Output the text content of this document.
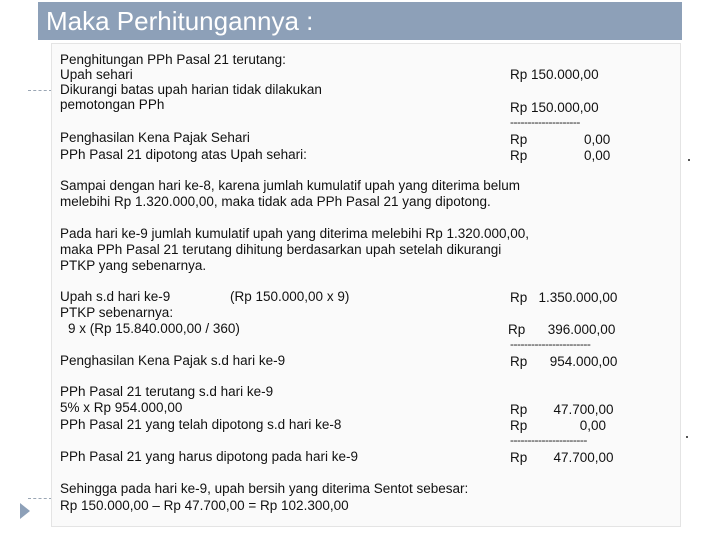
Maka Perhitungannya :
Penghitungan PPh Pasal 21 terutang:
Upah sehari	Rp 150.000,00
Dikurangi batas upah harian tidak dilakukan
pemotongan PPh	Rp 150.000,00
--------------------
Penghasilan Kena Pajak Sehari	Rp	0,00
PPh Pasal 21 dipotong atas Upah sehari:	Rp	0,00
Sampai dengan hari ke-8, karena jumlah kumulatif upah yang diterima belum
melebihi Rp 1.320.000,00, maka tidak ada PPh Pasal 21 yang dipotong.
Pada hari ke-9 jumlah kumulatif upah yang diterima melebihi Rp 1.320.000,00,
maka PPh Pasal 21 terutang dihitung berdasarkan upah setelah dikurangi
PTKP yang sebenarnya.
Upah s.d hari ke-9	(Rp 150.000,00 x 9)	Rp   1.350.000,00
PTKP sebenarnya:
9 x (Rp 15.840.000,00 / 360)	Rp      396.000,00
-----------------------
Penghasilan Kena Pajak s.d hari ke-9	Rp      954.000,00
PPh Pasal 21 terutang s.d hari ke-9
5% x Rp 954.000,00	Rp       47.700,00
PPh Pasal 21 yang telah dipotong s.d hari ke-8	Rp              0,00
----------------------
PPh Pasal 21 yang harus dipotong pada hari ke-9	Rp       47.700,00
Sehingga pada hari ke-9, upah bersih yang diterima Sentot sebesar:
Rp 150.000,00 – Rp 47.700,00 = Rp 102.300,00
